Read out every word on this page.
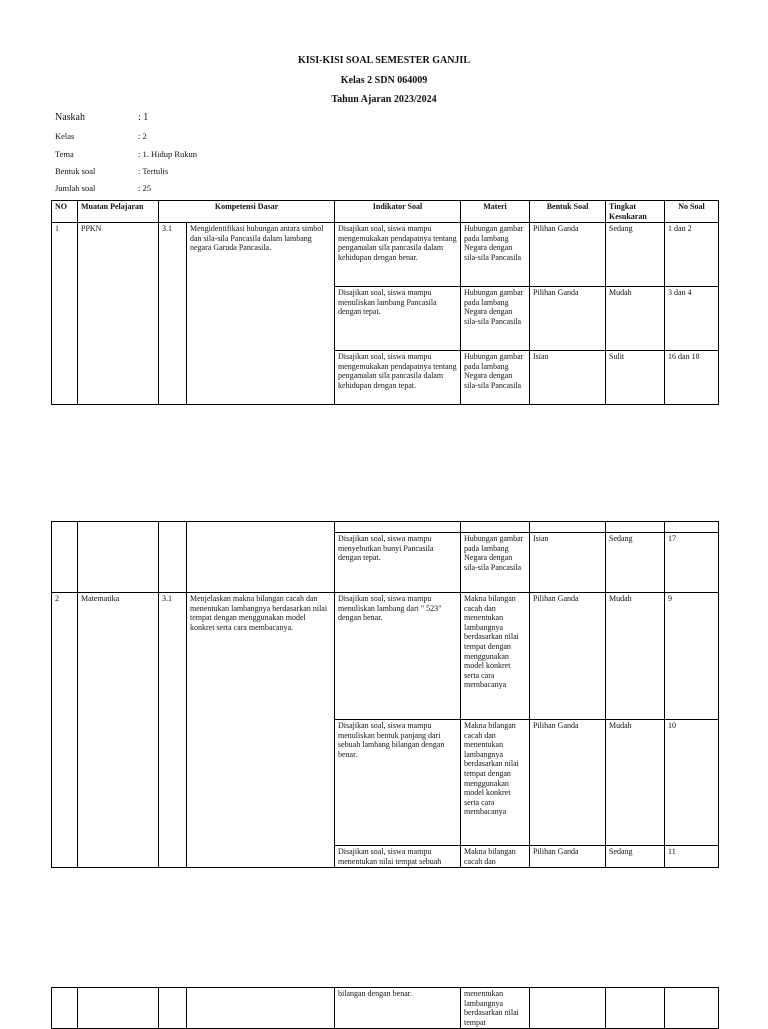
KISI-KISI SOAL SEMESTER GANJIL
Kelas 2 SDN 064009
Tahun Ajaran 2023/2024
Naskah	: 1
Kelas	: 2
Tema	: 1. Hidup Rukun
Bentuk soal	: Tertulis
Jumlah soal	: 25
NO	Muatan Pelajaran	Kompetensi Dasar		Indikator Soal	Materi	Bentuk Soal	Tingkat Kesukaran	No Soal
1	PPKN	3.1	Mengidentifikasi hubungan antara simbol dan sila-sila Pancasila dalam lambang negara Garuda Pancasila.	Disajikan soal, siswa mampu mengemukakan pendapatnya tentang pengamalan sila pancasila dalam kehidupan dengan benar.	Hubungan gambar pada lambang Negara dengan sila-sila Pancasila	Pilihan Ganda	Sedang	1 dan 2
				Disajikan soal, siswa mampu menuliskan lambang Pancasila dengan tepat.	Hubungan gambar pada lambang Negara dengan sila-sila Pancasila	Pilihan Ganda	Mudah	3 dan 4
				Disajikan soal, siswa mampu mengemukakan pendapatnya tentang pengamalan sila pancasila dalam kehidupan dengan tepat.	Hubungan gambar pada lambang Negara dengan sila-sila Pancasila	Isian	Sulit	16 dan 18

				Disajikan soal, siswa mampu menyebutkan bunyi Pancasila dengan tepat.	Hubungan gambar pada lambang Negara dengan sila-sila Pancasila	Isian	Sedang	17
2	Matematika	3.1	Menjelaskan makna bilangan cacah dan menentukan lambangnya berdasarkan nilai tempat dengan menggunakan model konkret serta cara membacanya.	Disajikan soal, siswa mampu menuliskan lambang dari " 523" dengan benar.	Makna bilangan cacah dan menentukan lambangnya berdasarkan nilai tempat dengan menggunakan model konkret serta cara membacanya	Pilihan Ganda	Mudah	9
				Disajikan soal, siswa mampu menuliskan bentuk panjang dari sebuah lambang bilangan dengan benar.	Makna bilangan cacah dan menentukan lambangnya berdasarkan nilai tempat dengan menggunakan model konkret serta cara membacanya	Pilihan Ganda	Mudah	10
				Disajikan soal, siswa mampu menentukan nilai tempat sebuah	Makna bilangan cacah dan	Pilihan Ganda	Sedang	11
				bilangan dengan benar.	menentukan lambangnya berdasarkan nilai tempat			
